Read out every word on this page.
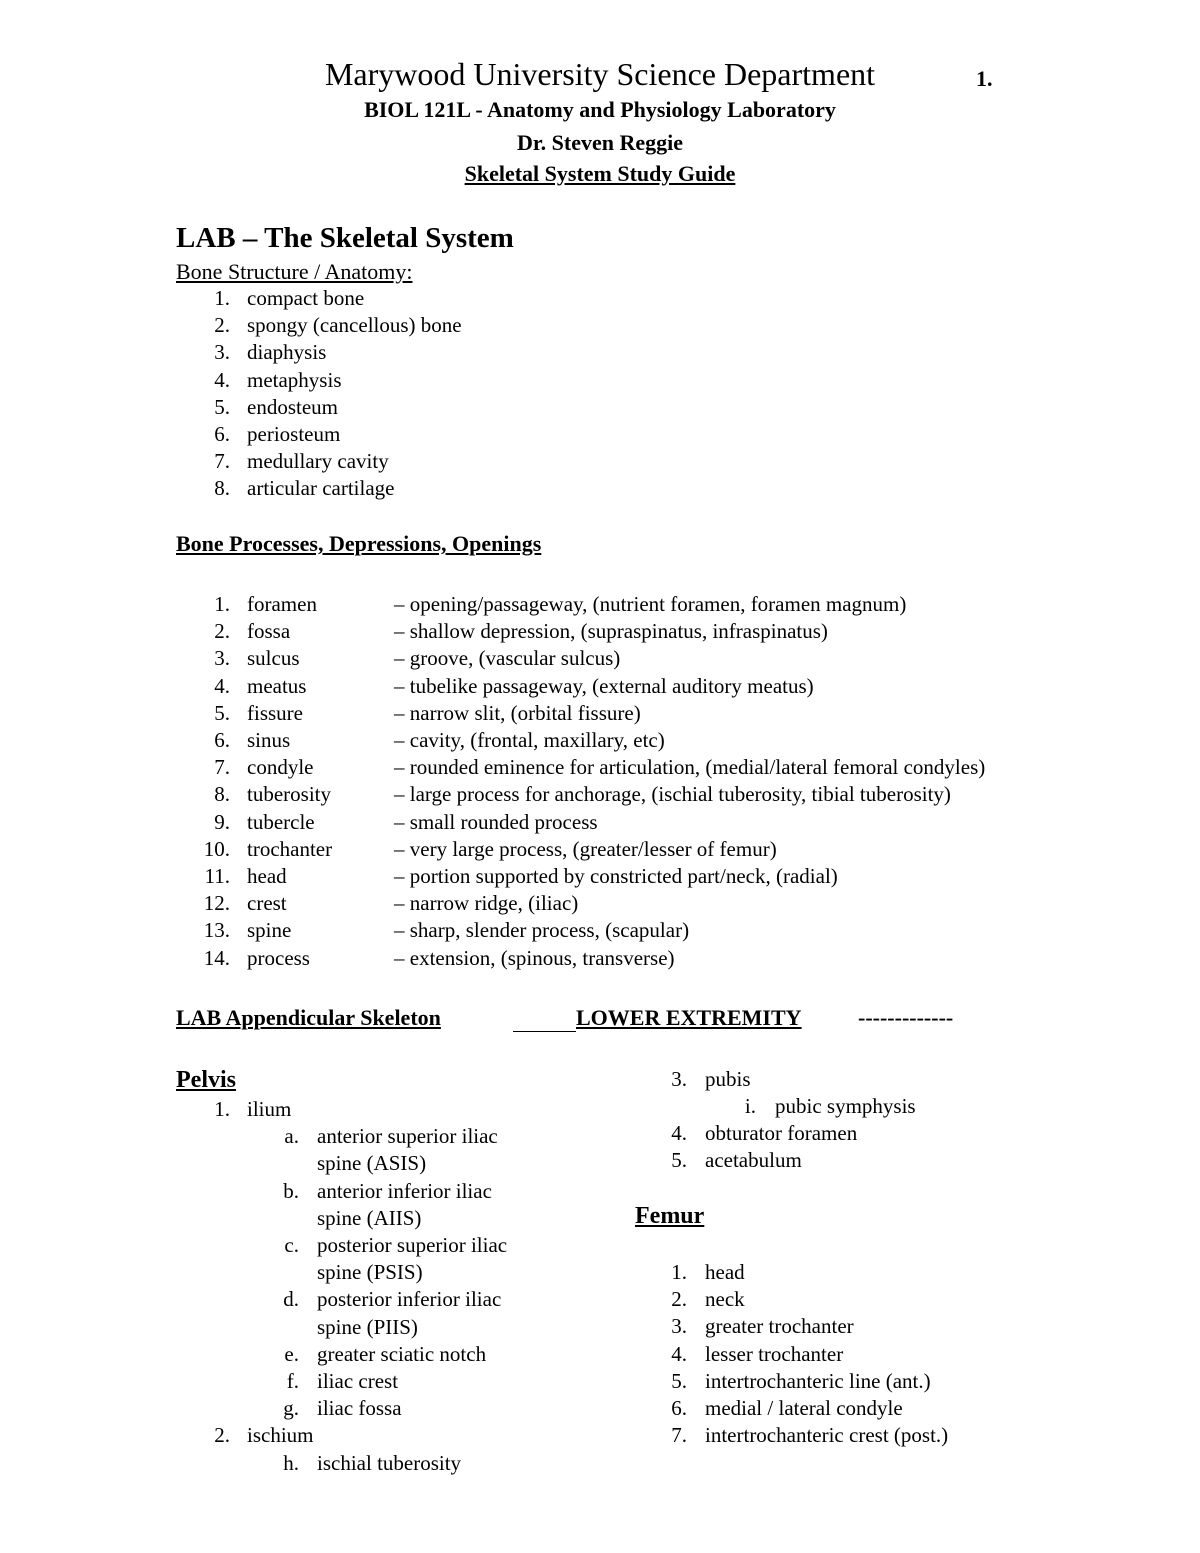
Marywood University Science Department	1.
BIOL 121L - Anatomy and Physiology Laboratory
Dr. Steven Reggie
Skeletal System Study Guide
LAB – The Skeletal System
Bone Structure / Anatomy:
1. compact bone
2. spongy (cancellous) bone
3. diaphysis
4. metaphysis
5. endosteum
6. periosteum
7. medullary cavity
8. articular cartilage
Bone Processes, Depressions, Openings
1. foramen	– opening/passageway, (nutrient foramen, foramen magnum)
2. fossa	– shallow depression, (supraspinatus, infraspinatus)
3. sulcus	– groove, (vascular sulcus)
4. meatus	– tubelike passageway, (external auditory meatus)
5. fissure	– narrow slit, (orbital fissure)
6. sinus	– cavity, (frontal, maxillary, etc)
7. condyle	– rounded eminence for articulation, (medial/lateral femoral condyles)
8. tuberosity	– large process for anchorage, (ischial tuberosity, tibial tuberosity)
9. tubercle	– small rounded process
10. trochanter	– very large process, (greater/lesser of femur)
11. head	– portion supported by constricted part/neck, (radial)
12. crest	– narrow ridge, (iliac)
13. spine	– sharp, slender process, (scapular)
14. process	– extension, (spinous, transverse)
LAB Appendicular Skeleton	LOWER EXTREMITY	-------------
Pelvis
1. ilium
a. anterior superior iliac
spine (ASIS)
b. anterior inferior iliac
spine (AIIS)
c. posterior superior iliac
spine (PSIS)
d. posterior inferior iliac
spine (PIIS)
e. greater sciatic notch
f. iliac crest
g. iliac fossa
2. ischium
h. ischial tuberosity
3. pubis
i. pubic symphysis
4. obturator foramen
5. acetabulum
Femur
1. head
2. neck
3. greater trochanter
4. lesser trochanter
5. intertrochanteric line (ant.)
6. medial / lateral condyle
7. intertrochanteric crest (post.)
